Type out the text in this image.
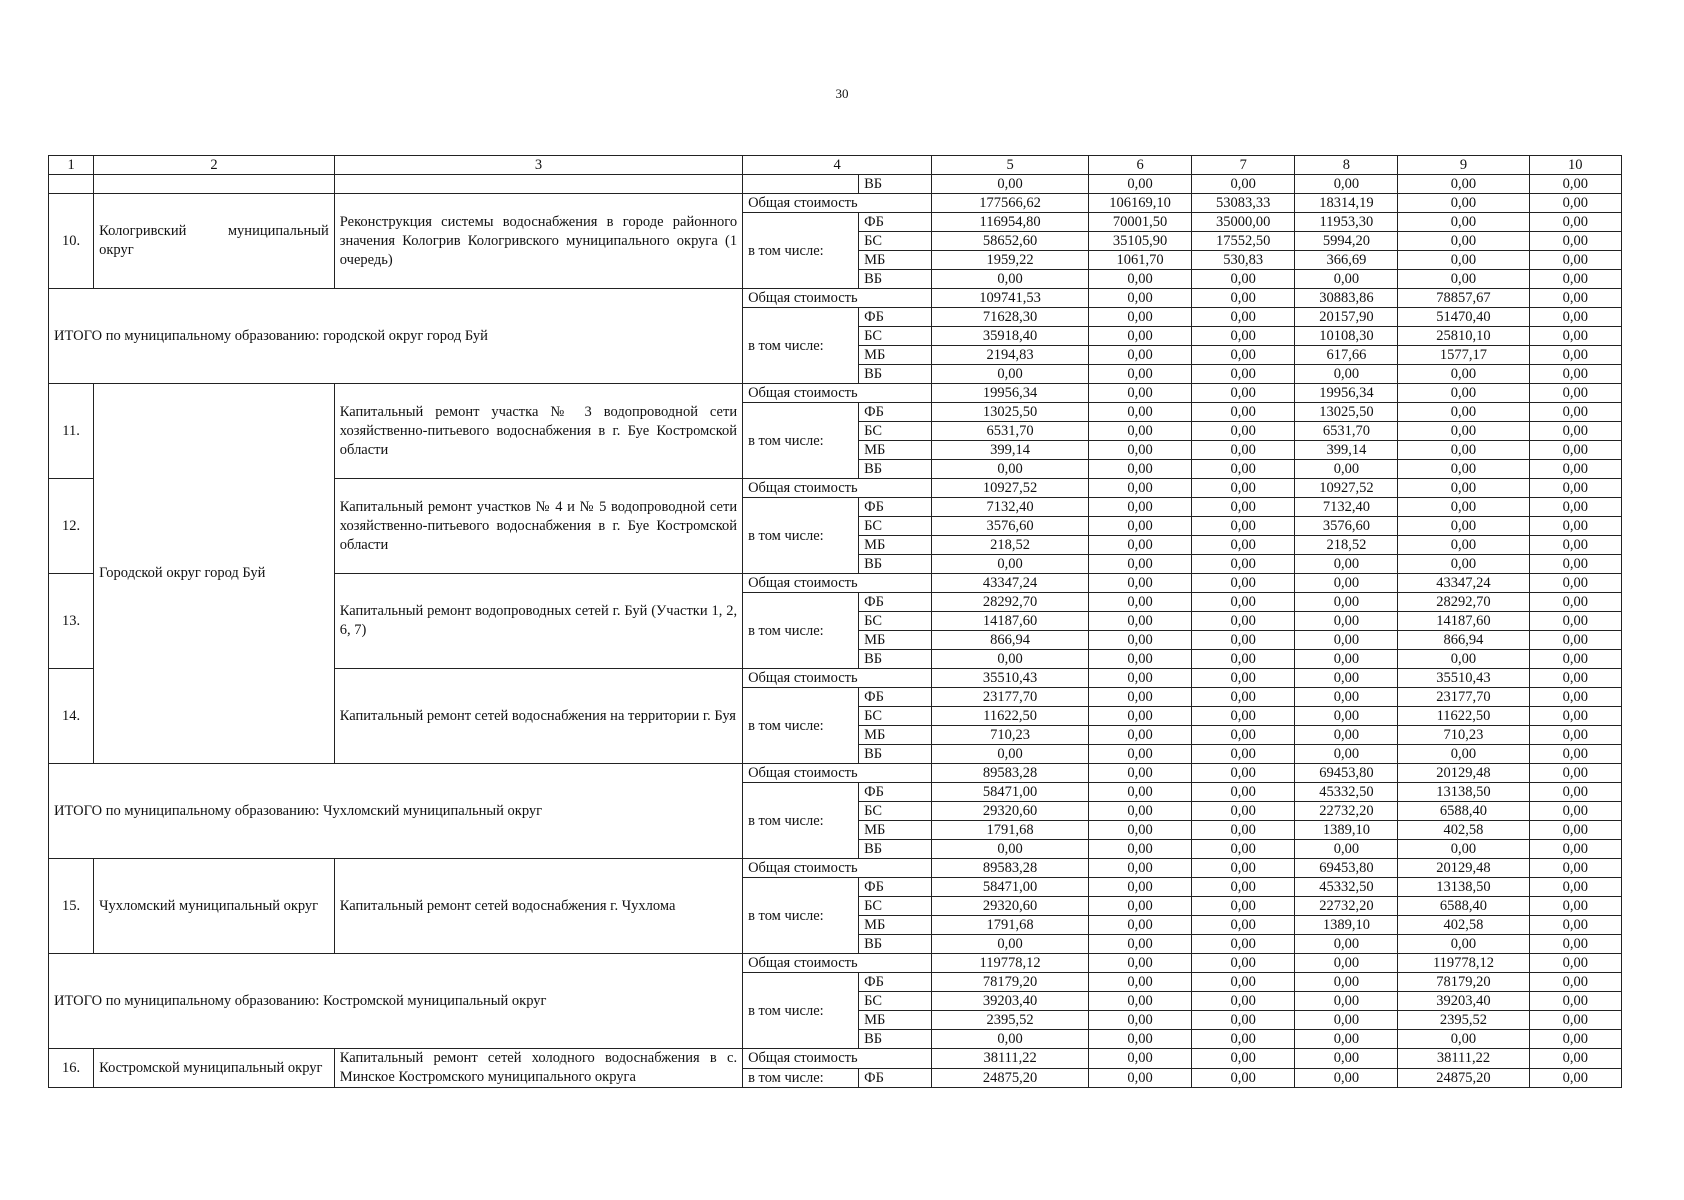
30
1	2	3	4		5	6	7	8	9	10
				ВБ	0,00	0,00	0,00	0,00	0,00	0,00
10.	Кологривский муниципальный округ	Реконструкция системы водоснабжения в городе районного значения Кологрив Кологривского муниципального округа (1 очередь)	Общая стоимость		177566,62	106169,10	53083,33	18314,19	0,00	0,00
			в том числе:	ФБ	116954,80	70001,50	35000,00	11953,30	0,00	0,00
				БС	58652,60	35105,90	17552,50	5994,20	0,00	0,00
				МБ	1959,22	1061,70	530,83	366,69	0,00	0,00
				ВБ	0,00	0,00	0,00	0,00	0,00	0,00
ИТОГО по муниципальному образованию: городской округ город Буй			Общая стоимость		109741,53	0,00	0,00	30883,86	78857,67	0,00
			в том числе:	ФБ	71628,30	0,00	0,00	20157,90	51470,40	0,00
				БС	35918,40	0,00	0,00	10108,30	25810,10	0,00
				МБ	2194,83	0,00	0,00	617,66	1577,17	0,00
				ВБ	0,00	0,00	0,00	0,00	0,00	0,00
11.	Городской округ город Буй	Капитальный ремонт участка № 3 водопроводной сети хозяйственно-питьевого водоснабжения в г. Буе Костромской области	Общая стоимость		19956,34	0,00	0,00	19956,34	0,00	0,00
			в том числе:	ФБ	13025,50	0,00	0,00	13025,50	0,00	0,00
				БС	6531,70	0,00	0,00	6531,70	0,00	0,00
				МБ	399,14	0,00	0,00	399,14	0,00	0,00
				ВБ	0,00	0,00	0,00	0,00	0,00	0,00
12.		Капитальный ремонт участков № 4 и № 5 водопроводной сети хозяйственно-питьевого водоснабжения в г. Буе Костромской области	Общая стоимость		10927,52	0,00	0,00	10927,52	0,00	0,00
			в том числе:	ФБ	7132,40	0,00	0,00	7132,40	0,00	0,00
				БС	3576,60	0,00	0,00	3576,60	0,00	0,00
				МБ	218,52	0,00	0,00	218,52	0,00	0,00
				ВБ	0,00	0,00	0,00	0,00	0,00	0,00
13.		Капитальный ремонт водопроводных сетей г. Буй (Участки 1, 2, 6, 7)	Общая стоимость		43347,24	0,00	0,00	0,00	43347,24	0,00
			в том числе:	ФБ	28292,70	0,00	0,00	0,00	28292,70	0,00
				БС	14187,60	0,00	0,00	0,00	14187,60	0,00
				МБ	866,94	0,00	0,00	0,00	866,94	0,00
				ВБ	0,00	0,00	0,00	0,00	0,00	0,00
14.		Капитальный ремонт сетей водоснабжения на территории г. Буя	Общая стоимость		35510,43	0,00	0,00	0,00	35510,43	0,00
			в том числе:	ФБ	23177,70	0,00	0,00	0,00	23177,70	0,00
				БС	11622,50	0,00	0,00	0,00	11622,50	0,00
				МБ	710,23	0,00	0,00	0,00	710,23	0,00
				ВБ	0,00	0,00	0,00	0,00	0,00	0,00
ИТОГО по муниципальному образованию: Чухломский муниципальный округ			Общая стоимость		89583,28	0,00	0,00	69453,80	20129,48	0,00
			в том числе:	ФБ	58471,00	0,00	0,00	45332,50	13138,50	0,00
				БС	29320,60	0,00	0,00	22732,20	6588,40	0,00
				МБ	1791,68	0,00	0,00	1389,10	402,58	0,00
				ВБ	0,00	0,00	0,00	0,00	0,00	0,00
15.	Чухломский муниципальный округ	Капитальный ремонт сетей водоснабжения г. Чухлома	Общая стоимость		89583,28	0,00	0,00	69453,80	20129,48	0,00
			в том числе:	ФБ	58471,00	0,00	0,00	45332,50	13138,50	0,00
				БС	29320,60	0,00	0,00	22732,20	6588,40	0,00
				МБ	1791,68	0,00	0,00	1389,10	402,58	0,00
				ВБ	0,00	0,00	0,00	0,00	0,00	0,00
ИТОГО по муниципальному образованию: Костромской муниципальный округ			Общая стоимость		119778,12	0,00	0,00	0,00	119778,12	0,00
			в том числе:	ФБ	78179,20	0,00	0,00	0,00	78179,20	0,00
				БС	39203,40	0,00	0,00	0,00	39203,40	0,00
				МБ	2395,52	0,00	0,00	0,00	2395,52	0,00
				ВБ	0,00	0,00	0,00	0,00	0,00	0,00
16.	Костромской муниципальный округ	Капитальный ремонт сетей холодного водоснабжения в с. Минское Костромского муниципального округа	Общая стоимость		38111,22	0,00	0,00	0,00	38111,22	0,00
			в том числе:	ФБ	24875,20	0,00	0,00	0,00	24875,20	0,00
